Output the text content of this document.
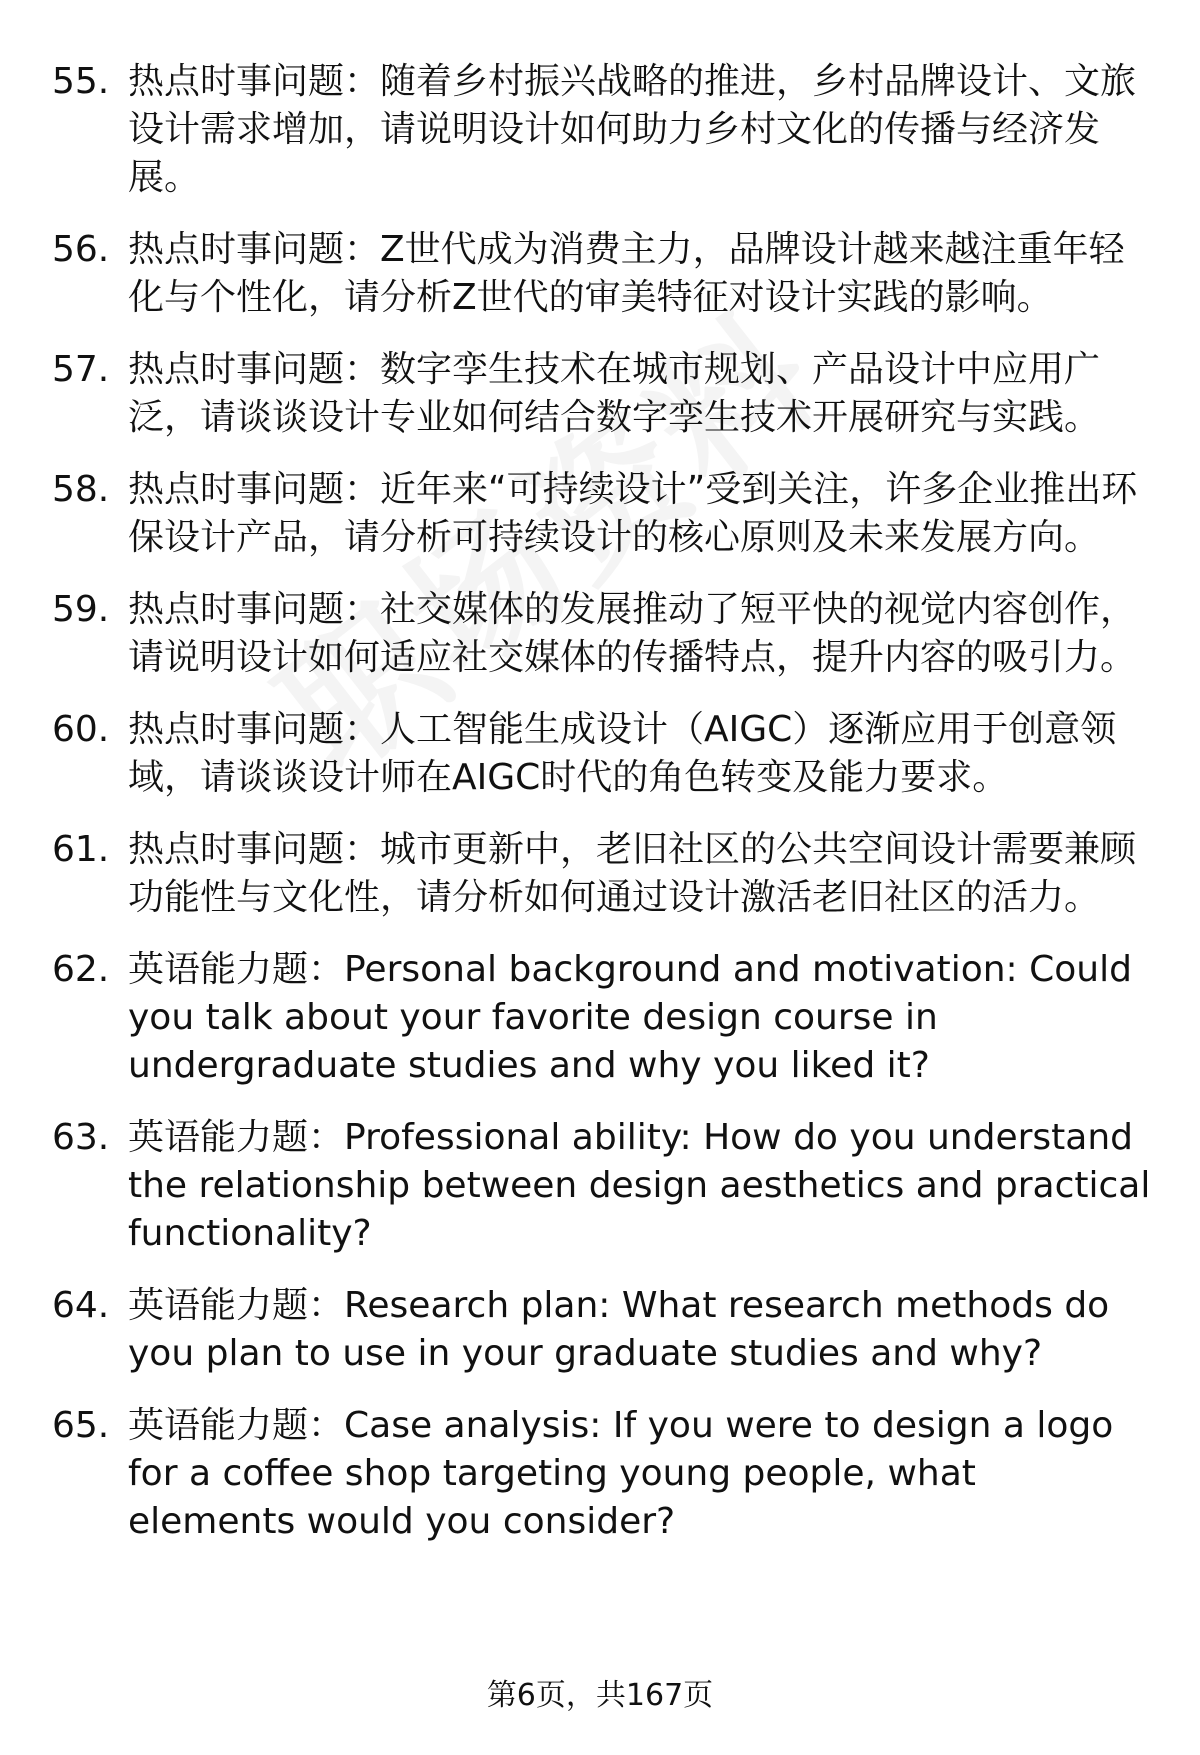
55. 热点时事问题：随着乡村振兴战略的推进，乡村品牌设计、文旅设计需求增加，请说明设计如何助力乡村文化的传播与经济发展。
56. 热点时事问题：Z世代成为消费主力，品牌设计越来越注重年轻化与个性化，请分析Z世代的审美特征对设计实践的影响。
57. 热点时事问题：数字孪生技术在城市规划、产品设计中应用广泛，请谈谈设计专业如何结合数字孪生技术开展研究与实践。
58. 热点时事问题：近年来“可持续设计”受到关注，许多企业推出环保设计产品，请分析可持续设计的核心原则及未来发展方向。
59. 热点时事问题：社交媒体的发展推动了短平快的视觉内容创作，请说明设计如何适应社交媒体的传播特点，提升内容的吸引力。
60. 热点时事问题：人工智能生成设计（AIGC）逐渐应用于创意领域，请谈谈设计师在AIGC时代的角色转变及能力要求。
61. 热点时事问题：城市更新中，老旧社区的公共空间设计需要兼顾功能性与文化性，请分析如何通过设计激活老旧社区的活力。
62. 英语能力题：Personal background and motivation: Could you talk about your favorite design course in undergraduate studies and why you liked it?
63. 英语能力题：Professional ability: How do you understand the relationship between design aesthetics and practical functionality?
64. 英语能力题：Research plan: What research methods do you plan to use in your graduate studies and why?
65. 英语能力题：Case analysis: If you were to design a logo for a coffee shop targeting young people, what elements would you consider?
第6页，共167页
